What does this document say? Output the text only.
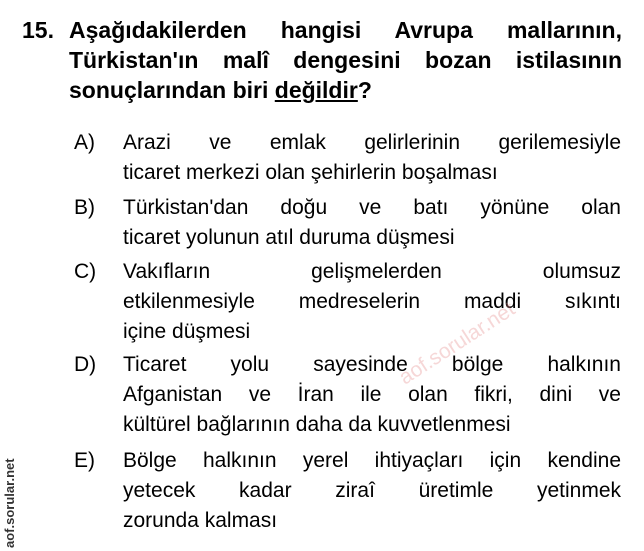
15. Aşağıdakilerden hangisi Avrupa mallarının,
Türkistan'ın malî dengesini bozan istilasının
sonuçlarından biri değildir?
A) Arazi ve emlak gelirlerinin gerilemesiyle
ticaret merkezi olan şehirlerin boşalması
B) Türkistan'dan doğu ve batı yönüne olan
ticaret yolunun atıl duruma düşmesi
C) Vakıfların gelişmelerden olumsuz
etkilenmesiyle medreselerin maddi sıkıntı
içine düşmesi
D) Ticaret yolu sayesinde bölge halkının
Afganistan ve İran ile olan fikri, dini ve
kültürel bağlarının daha da kuvvetlenmesi
E) Bölge halkının yerel ihtiyaçları için kendine
yetecek kadar ziraî üretimle yetinmek
zorunda kalması
aof.sorular.net
aof.sorular.net
